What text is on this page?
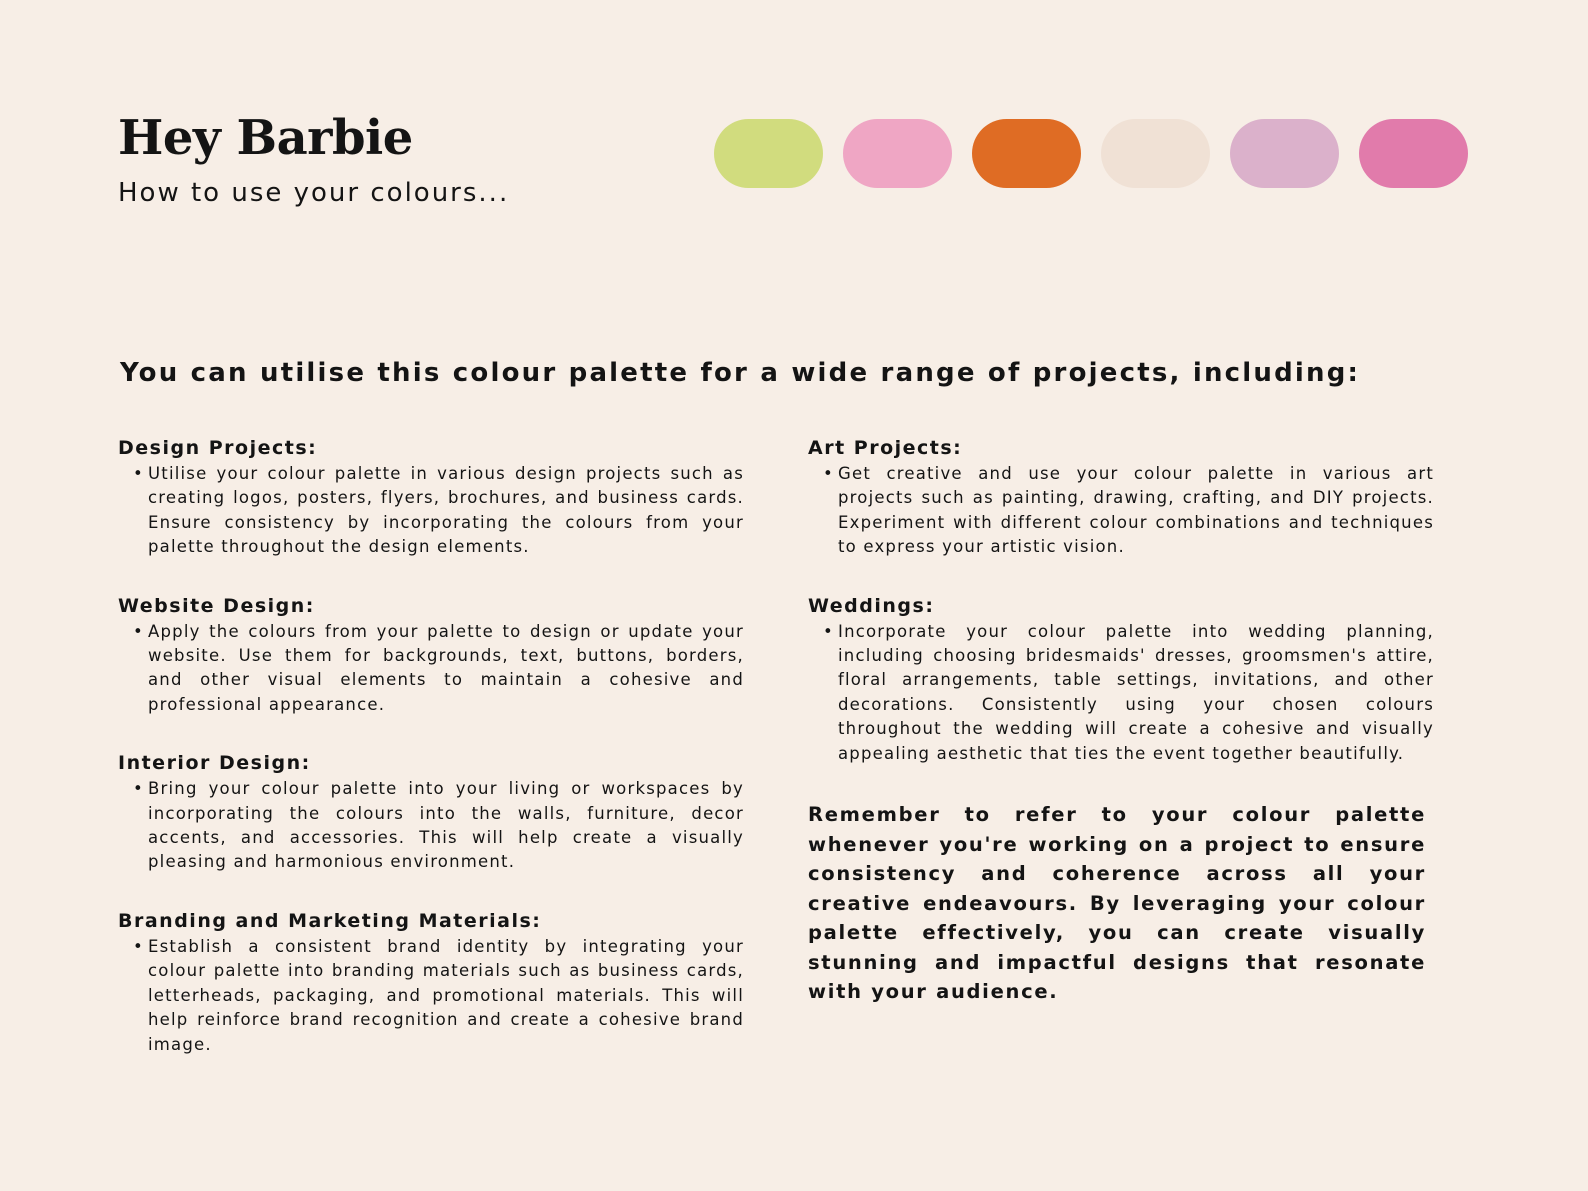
Hey Barbie
How to use your colours...

You can utilise this colour palette for a wide range of projects, including:

Design Projects:
• Utilise your colour palette in various design projects such as creating logos, posters, flyers, brochures, and business cards. Ensure consistency by incorporating the colours from your palette throughout the design elements.
Website Design:
• Apply the colours from your palette to design or update your website. Use them for backgrounds, text, buttons, borders, and other visual elements to maintain a cohesive and professional appearance.
Interior Design:
• Bring your colour palette into your living or workspaces by incorporating the colours into the walls, furniture, decor accents, and accessories. This will help create a visually pleasing and harmonious environment.
Branding and Marketing Materials:
• Establish a consistent brand identity by integrating your colour palette into branding materials such as business cards, letterheads, packaging, and promotional materials. This will help reinforce brand recognition and create a cohesive brand image.
Art Projects:
• Get creative and use your colour palette in various art projects such as painting, drawing, crafting, and DIY projects. Experiment with different colour combinations and techniques to express your artistic vision.
Weddings:
• Incorporate your colour palette into wedding planning, including choosing bridesmaids' dresses, groomsmen's attire, floral arrangements, table settings, invitations, and other decorations. Consistently using your chosen colours throughout the wedding will create a cohesive and visually appealing aesthetic that ties the event together beautifully.

Remember to refer to your colour palette whenever you're working on a project to ensure consistency and coherence across all your creative endeavours. By leveraging your colour palette effectively, you can create visually stunning and impactful designs that resonate with your audience.
